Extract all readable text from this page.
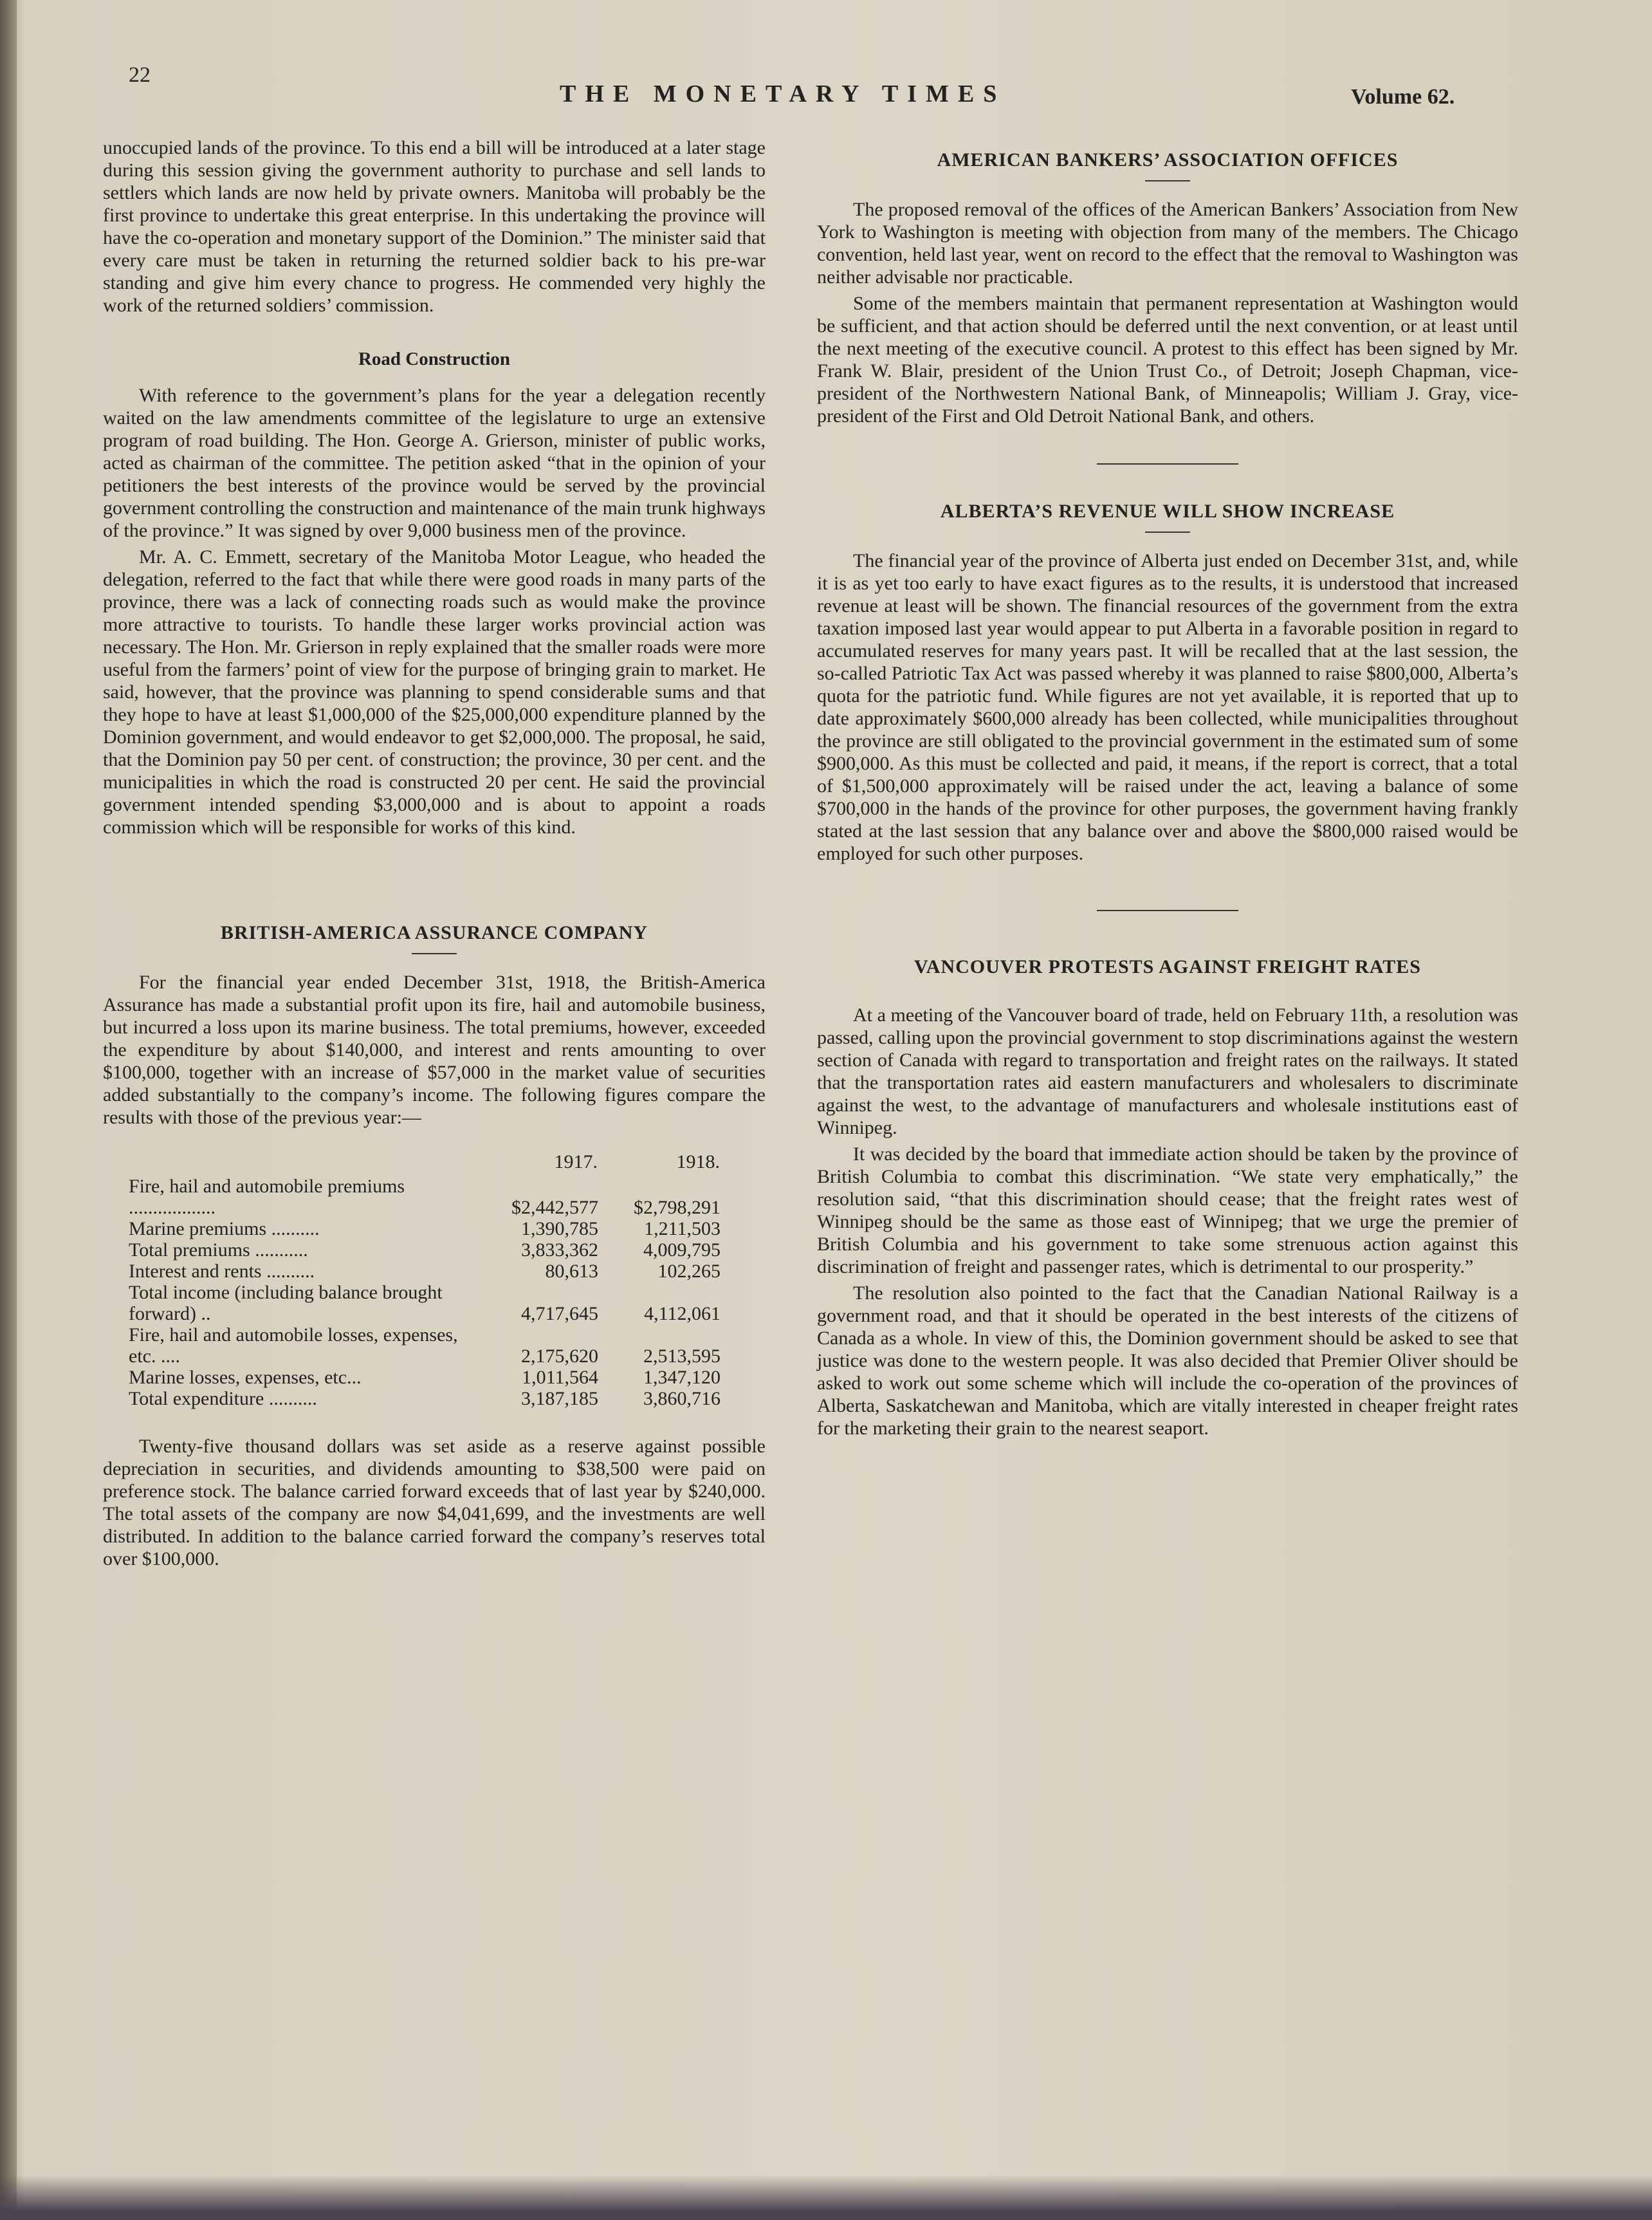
22
THE MONETARY TIMES	Volume 62.

unoccupied lands of the province. To this end a bill will be introduced at a later stage during this session giving the government authority to purchase and sell lands to settlers which lands are now held by private owners. Manitoba will probably be the first province to undertake this great enterprise. In this undertaking the province will have the co-operation and monetary support of the Dominion.” The minister said that every care must be taken in returning the returned soldier back to his pre-war standing and give him every chance to progress. He commended very highly the work of the returned soldiers’ commission.

Road Construction

With reference to the government’s plans for the year a delegation recently waited on the law amendments committee of the legislature to urge an extensive program of road building. The Hon. George A. Grierson, minister of public works, acted as chairman of the committee. The petition asked “that in the opinion of your petitioners the best interests of the province would be served by the provincial government controlling the construction and maintenance of the main trunk highways of the province.” It was signed by over 9,000 business men of the province.

Mr. A. C. Emmett, secretary of the Manitoba Motor League, who headed the delegation, referred to the fact that while there were good roads in many parts of the province, there was a lack of connecting roads such as would make the province more attractive to tourists. To handle these larger works provincial action was necessary. The Hon. Mr. Grierson in reply explained that the smaller roads were more useful from the farmers’ point of view for the purpose of bringing grain to market. He said, however, that the province was planning to spend considerable sums and that they hope to have at least $1,000,000 of the $25,000,000 expenditure planned by the Dominion government, and would endeavor to get $2,000,000. The proposal, he said, that the Dominion pay 50 per cent. of construction; the province, 30 per cent. and the municipalities in which the road is constructed 20 per cent. He said the provincial government intended spending $3,000,000 and is about to appoint a roads commission which will be responsible for works of this kind.

BRITISH-AMERICA ASSURANCE COMPANY

For the financial year ended December 31st, 1918, the British-America Assurance has made a substantial profit upon its fire, hail and automobile business, but incurred a loss upon its marine business. The total premiums, however, exceeded the expenditure by about $140,000, and interest and rents amounting to over $100,000, together with an increase of $57,000 in the market value of securities added substantially to the company’s income. The following figures compare the results with those of the previous year:—

	1917.	1918.
Fire, hail and automobile premiums ..................	$2,442,577	$2,798,291
Marine premiums ..........	1,390,785	1,211,503
Total premiums ...........	3,833,362	4,009,795
Interest and rents ..........	80,613	102,265
Total income (including balance brought forward) ..	4,717,645	4,112,061
Fire, hail and automobile losses, expenses, etc. ....	2,175,620	2,513,595
Marine losses, expenses, etc...	1,011,564	1,347,120
Total expenditure ..........	3,187,185	3,860,716

Twenty-five thousand dollars was set aside as a reserve against possible depreciation in securities, and dividends amounting to $38,500 were paid on preference stock. The balance carried forward exceeds that of last year by $240,000. The total assets of the company are now $4,041,699, and the investments are well distributed. In addition to the balance carried forward the company’s reserves total over $100,000.

AMERICAN BANKERS’ ASSOCIATION OFFICES

The proposed removal of the offices of the American Bankers’ Association from New York to Washington is meeting with objection from many of the members. The Chicago convention, held last year, went on record to the effect that the removal to Washington was neither advisable nor practicable.

Some of the members maintain that permanent representation at Washington would be sufficient, and that action should be deferred until the next convention, or at least until the next meeting of the executive council. A protest to this effect has been signed by Mr. Frank W. Blair, president of the Union Trust Co., of Detroit; Joseph Chapman, vice-president of the Northwestern National Bank, of Minneapolis; William J. Gray, vice-president of the First and Old Detroit National Bank, and others.

ALBERTA’S REVENUE WILL SHOW INCREASE

The financial year of the province of Alberta just ended on December 31st, and, while it is as yet too early to have exact figures as to the results, it is understood that increased revenue at least will be shown. The financial resources of the government from the extra taxation imposed last year would appear to put Alberta in a favorable position in regard to accumulated reserves for many years past. It will be recalled that at the last session, the so-called Patriotic Tax Act was passed whereby it was planned to raise $800,000, Alberta’s quota for the patriotic fund. While figures are not yet available, it is reported that up to date approximately $600,000 already has been collected, while municipalities throughout the province are still obligated to the provincial government in the estimated sum of some $900,000. As this must be collected and paid, it means, if the report is correct, that a total of $1,500,000 approximately will be raised under the act, leaving a balance of some $700,000 in the hands of the province for other purposes, the government having frankly stated at the last session that any balance over and above the $800,000 raised would be employed for such other purposes.

VANCOUVER PROTESTS AGAINST FREIGHT RATES

At a meeting of the Vancouver board of trade, held on February 11th, a resolution was passed, calling upon the provincial government to stop discriminations against the western section of Canada with regard to transportation and freight rates on the railways. It stated that the transportation rates aid eastern manufacturers and wholesalers to discriminate against the west, to the advantage of manufacturers and wholesale institutions east of Winnipeg.

It was decided by the board that immediate action should be taken by the province of British Columbia to combat this discrimination. “We state very emphatically,” the resolution said, “that this discrimination should cease; that the freight rates west of Winnipeg should be the same as those east of Winnipeg; that we urge the premier of British Columbia and his government to take some strenuous action against this discrimination of freight and passenger rates, which is detrimental to our prosperity.”

The resolution also pointed to the fact that the Canadian National Railway is a government road, and that it should be operated in the best interests of the citizens of Canada as a whole. In view of this, the Dominion government should be asked to see that justice was done to the western people. It was also decided that Premier Oliver should be asked to work out some scheme which will include the co-operation of the provinces of Alberta, Saskatchewan and Manitoba, which are vitally interested in cheaper freight rates for the marketing their grain to the nearest seaport.
